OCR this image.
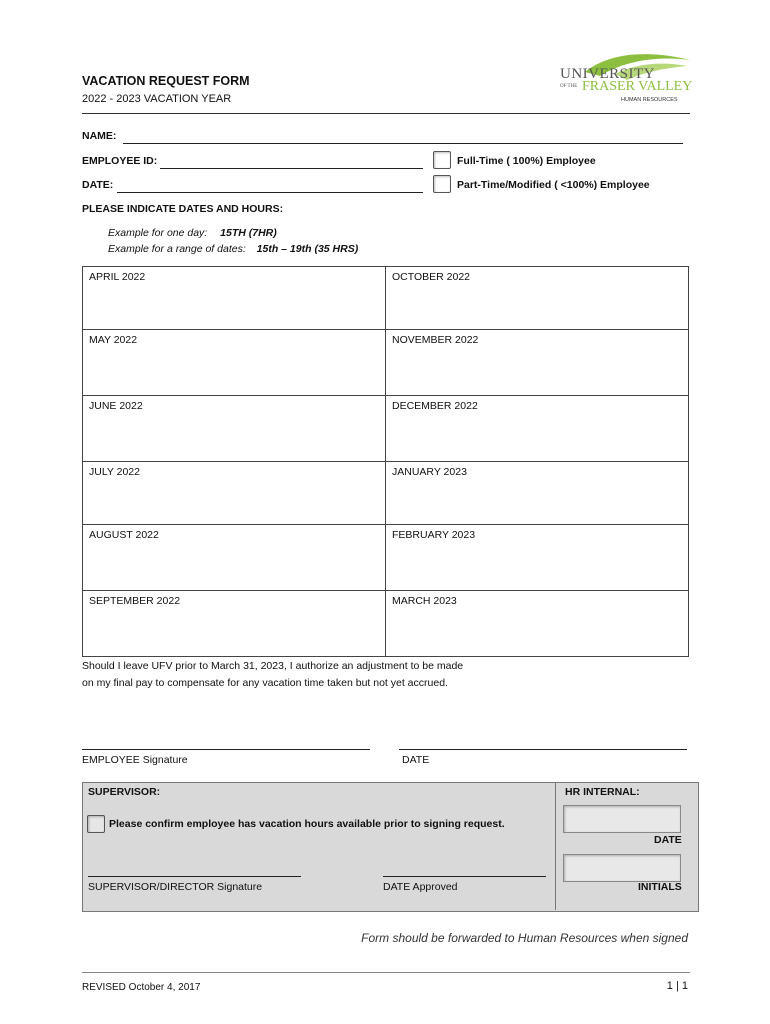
VACATION REQUEST FORM
2022 - 2023 VACATION YEAR
UNIVERSITY
OF THE FRASER VALLEY
HUMAN RESOURCES
NAME:
EMPLOYEE ID:
DATE:
Full-Time ( 100%) Employee
Part-Time/Modified ( <100%) Employee
PLEASE INDICATE DATES AND HOURS:
Example for one day: 15TH (7HR)
Example for a range of dates: 15th – 19th (35 HRS)
APRIL 2022	OCTOBER 2022
MAY 2022	NOVEMBER 2022
JUNE 2022	DECEMBER 2022
JULY 2022	JANUARY 2023
AUGUST 2022	FEBRUARY 2023
SEPTEMBER 2022	MARCH 2023
Should I leave UFV prior to March 31, 2023, I authorize an adjustment to be made
on my final pay to compensate for any vacation time taken but not yet accrued.
EMPLOYEE Signature	DATE
SUPERVISOR:
Please confirm employee has vacation hours available prior to signing request.
SUPERVISOR/DIRECTOR Signature	DATE Approved
HR INTERNAL:
DATE
INITIALS
Form should be forwarded to Human Resources when signed
REVISED October 4, 2017	1 | 1
